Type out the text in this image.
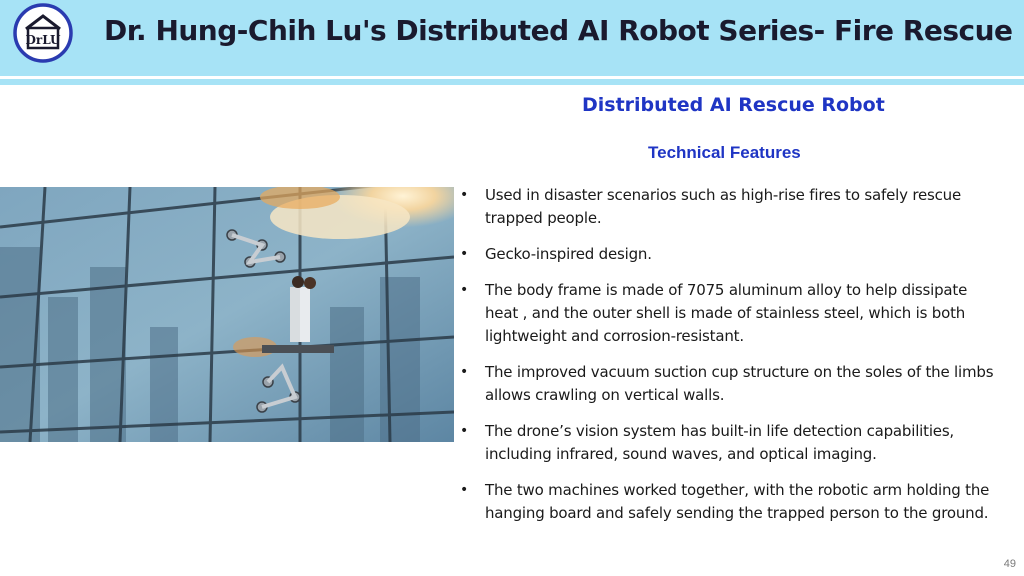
DrLU Dr. Hung-Chih Lu's Distributed AI Robot Series- Fire Rescue
Distributed AI Rescue Robot
Technical Features
• Used in disaster scenarios such as high-rise fires to safely rescue trapped people.
• Gecko-inspired design.
• The body frame is made of 7075 aluminum alloy to help dissipate heat , and the outer shell is made of stainless steel, which is both lightweight and corrosion-resistant.
• The improved vacuum suction cup structure on the soles of the limbs allows crawling on vertical walls.
• The drone’s vision system has built-in life detection capabilities, including infrared, sound waves, and optical imaging.
• The two machines worked together, with the robotic arm holding the hanging board and safely sending the trapped person to the ground.
49
